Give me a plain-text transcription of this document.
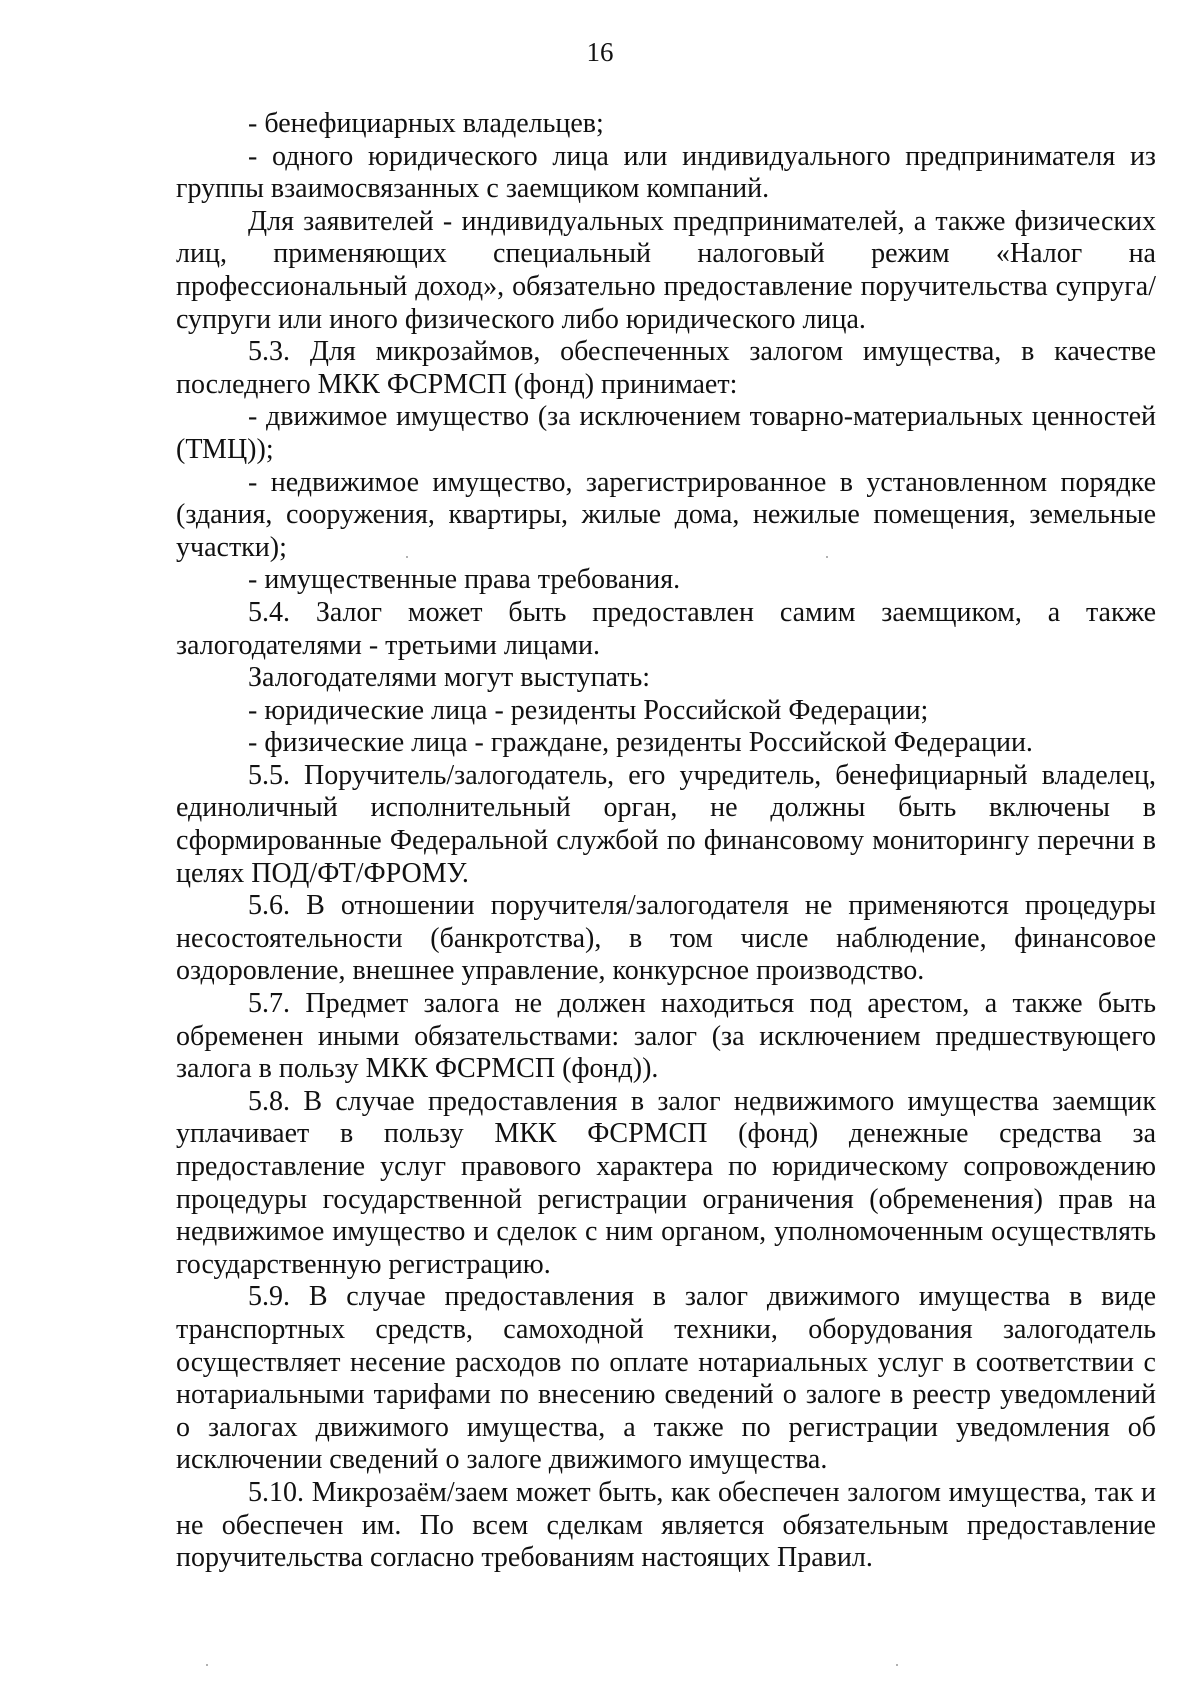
16

- бенефициарных владельцев;

- одного юридического лица или индивидуального предпринимателя из группы взаимосвязанных с заемщиком компаний.

Для заявителей - индивидуальных предпринимателей, а также физических лиц, применяющих специальный налоговый режим «Налог на профессиональный доход», обязательно предоставление поручительства супруга/супруги или иного физического либо юридического лица.

5.3. Для микрозаймов, обеспеченных залогом имущества, в качестве последнего МКК ФСРМСП (фонд) принимает:

- движимое имущество (за исключением товарно-материальных ценностей (ТМЦ));

- недвижимое имущество, зарегистрированное в установленном порядке (здания, сооружения, квартиры, жилые дома, нежилые помещения, земельные участки);

- имущественные права требования.

5.4. Залог может быть предоставлен самим заемщиком, а также залогодателями - третьими лицами.

Залогодателями могут выступать:

- юридические лица - резиденты Российской Федерации;

- физические лица - граждане, резиденты Российской Федерации.

5.5. Поручитель/залогодатель, его учредитель, бенефициарный владелец, единоличный исполнительный орган, не должны быть включены в сформированные Федеральной службой по финансовому мониторингу перечни в целях ПОД/ФТ/ФРОМУ.

5.6. В отношении поручителя/залогодателя не применяются процедуры несостоятельности (банкротства), в том числе наблюдение, финансовое оздоровление, внешнее управление, конкурсное производство.

5.7. Предмет залога не должен находиться под арестом, а также быть обременен иными обязательствами: залог (за исключением предшествующего залога в пользу МКК ФСРМСП (фонд)).

5.8. В случае предоставления в залог недвижимого имущества заемщик уплачивает в пользу МКК ФСРМСП (фонд) денежные средства за предоставление услуг правового характера по юридическому сопровождению процедуры государственной регистрации ограничения (обременения) прав на недвижимое имущество и сделок с ним органом, уполномоченным осуществлять государственную регистрацию.

5.9. В случае предоставления в залог движимого имущества в виде транспортных средств, самоходной техники, оборудования залогодатель осуществляет несение расходов по оплате нотариальных услуг в соответствии с нотариальными тарифами по внесению сведений о залоге в реестр уведомлений о залогах движимого имущества, а также по регистрации уведомления об исключении сведений о залоге движимого имущества.

5.10. Микрозаём/заем может быть, как обеспечен залогом имущества, так и не обеспечен им. По всем сделкам является обязательным предоставление поручительства согласно требованиям настоящих Правил.
